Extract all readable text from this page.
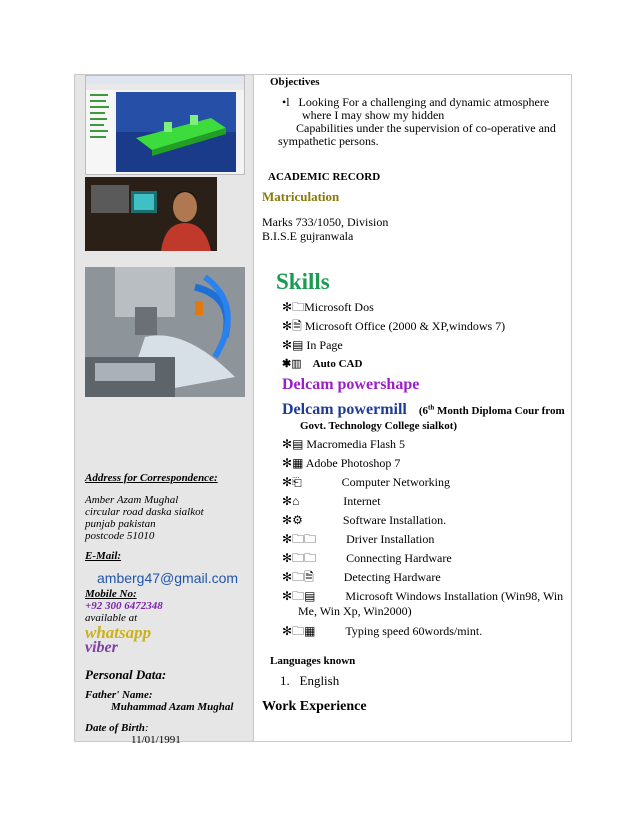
Address for Correspondence:
Amber Azam Mughal
circular road daska sialkot
punjab pakistan
postcode 51010
E-Mail:
amberg47@gmail.com
Mobile No:
+92 300 6472348
available at
whatsapp
viber
Personal Data:
Father' Name:
Muhammad Azam Mughal
Date of Birth:
11/01/1991
Objectives
•l Looking For a challenging and dynamic atmosphere
where I may show my hidden
Capabilities under the supervision of co-operative and
sympathetic persons.
ACADEMIC RECORD
Matriculation
Marks 733/1050, Division
B.I.S.E gujranwala
Skills
✻🗀Microsoft Dos
✻🗎 Microsoft Office (2000 & XP,windows 7)
✻▤ In Page
✱▥ Auto CAD
Delcam powershape
Delcam powermill (6th Month Diploma Cour from
Govt. Technology College sialkot)
✻▤ Macromedia Flash 5
✻▦ Adobe Photoshop 7
✻⎗	Computer Networking
✻⌂	Internet
✻⚙	Software Installation.
✻🗀🗀	Driver Installation
✻🗀🗀	Connecting Hardware
✻🗀🗎	Detecting Hardware
✻🗀▤	Microsoft Windows Installation (Win98, Win
Me, Win Xp, Win2000)
✻🗀▦	Typing speed 60words/mint.
Languages known
1. English
Work Experience
